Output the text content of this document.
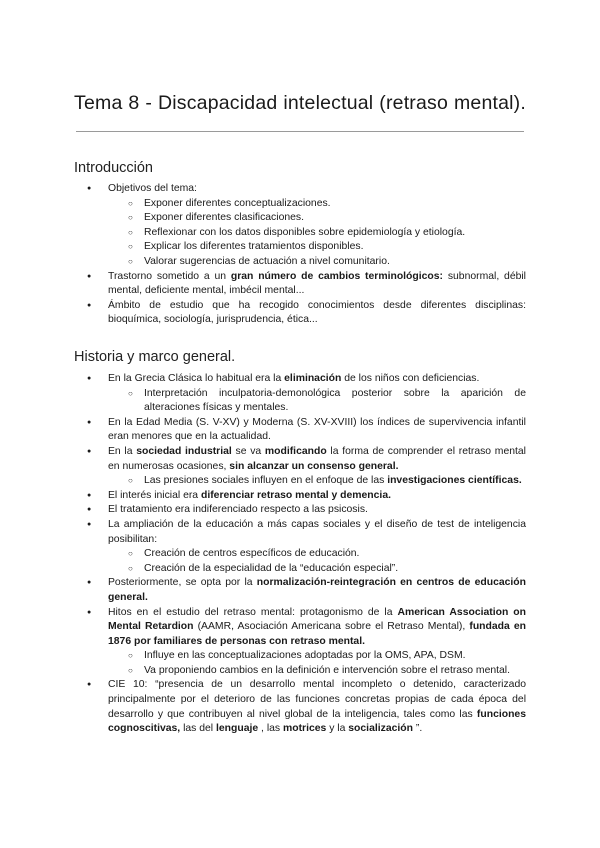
Tema 8 - Discapacidad intelectual (retraso mental).
Introducción
● Objetivos del tema:
○ Exponer diferentes conceptualizaciones.
○ Exponer diferentes clasificaciones.
○ Reflexionar con los datos disponibles sobre epidemiología y etiología.
○ Explicar los diferentes tratamientos disponibles.
○ Valorar sugerencias de actuación a nivel comunitario.
● Trastorno sometido a un gran número de cambios terminológicos: subnormal, débil mental, deficiente mental, imbécil mental...
● Ámbito de estudio que ha recogido conocimientos desde diferentes disciplinas: bioquímica, sociología, jurisprudencia, ética...
Historia y marco general.
● En la Grecia Clásica lo habitual era la eliminación de los niños con deficiencias.
○ Interpretación inculpatoria-demonológica posterior sobre la aparición de alteraciones físicas y mentales.
● En la Edad Media (S. V-XV) y Moderna (S. XV-XVIII) los índices de supervivencia infantil eran menores que en la actualidad.
● En la sociedad industrial se va modificando la forma de comprender el retraso mental en numerosas ocasiones, sin alcanzar un consenso general.
○ Las presiones sociales influyen en el enfoque de las investigaciones científicas.
● El interés inicial era diferenciar retraso mental y demencia.
● El tratamiento era indiferenciado respecto a las psicosis.
● La ampliación de la educación a más capas sociales y el diseño de test de inteligencia posibilitan:
○ Creación de centros específicos de educación.
○ Creación de la especialidad de la “educación especial”.
● Posteriormente, se opta por la normalización-reintegración en centros de educación general.
● Hitos en el estudio del retraso mental: protagonismo de la American Association on Mental Retardion (AAMR, Asociación Americana sobre el Retraso Mental), fundada en 1876 por familiares de personas con retraso mental.
○ Influye en las conceptualizaciones adoptadas por la OMS, APA, DSM.
○ Va proponiendo cambios en la definición e intervención sobre el retraso mental.
● CIE 10: “presencia de un desarrollo mental incompleto o detenido, caracterizado principalmente por el deterioro de las funciones concretas propias de cada época del desarrollo y que contribuyen al nivel global de la inteligencia, tales como las funciones cognoscitivas, las del lenguaje , las motrices y la socialización ”.
